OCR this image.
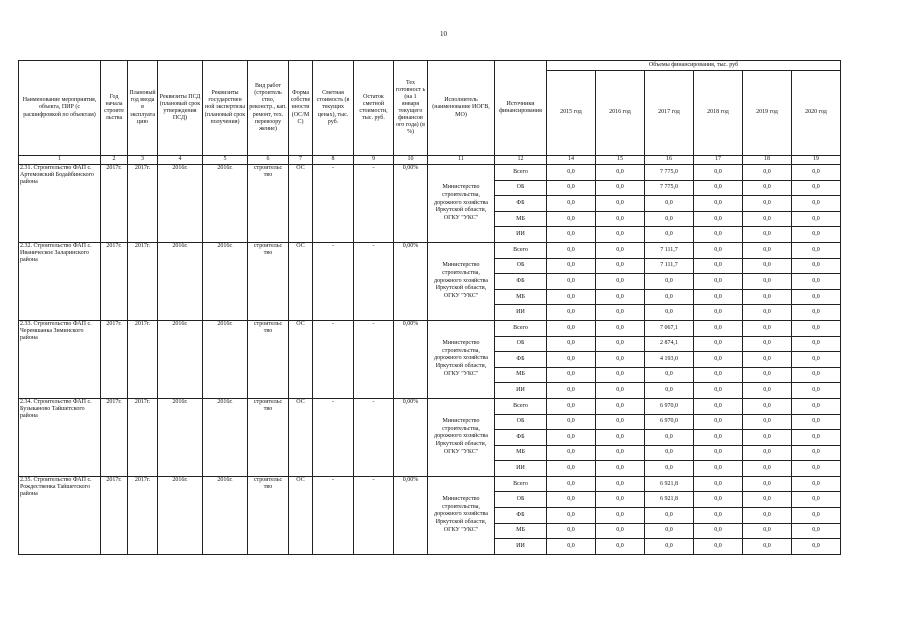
10
Наименование мероприятия, объекта, ПИР (с расшифровкой по объектам)	Год начала строите льства	Плановый год ввода в эксплуата цию	Реквизиты ПСД (плановый срок утверждения ПСД)	Реквизиты государствен ной экспертизы (плановый срок получения)	Вид работ (строитель ство, реконстр., кап. ремонт, тех. перевоору жение)	Форма собстве нности (ОС/М С)	Сметная стоимость (в текущих ценах), тыс. руб.	Остаток сметной стоимости, тыс. руб.	Тех готовност ь (на 1 января текущего финансов ого года) (в %)	Исполнитель (наименование ИОГВ, МО)	Источники финансирования	Объемы финансирования, тыс. руб					
												2015 год	2016 год	2017 год	2018 год	2019 год	2020 год
1	2	3	4	5	6	7	8	9	10	11	12	14	15	16	17	18	19
2.31. Строительство ФАП с. Артемовский Бодайбинского района	2017г.	2017г.	2016г.	2016г.	строительс тво	ОС	-	-	0,00%	Министерство строительства, дорожного хозяйства Иркутской области, ОГКУ "УКС"	Всего	0,0	0,0	7 775,0	0,0	0,0	0,0
											ОБ	0,0	0,0	7 775,0	0,0	0,0	0,0
											ФБ	0,0	0,0	0,0	0,0	0,0	0,0
											МБ	0,0	0,0	0,0	0,0	0,0	0,0
											ИИ	0,0	0,0	0,0	0,0	0,0	0,0
2.32. Строительство ФАП с. Иваническое Заларинского района	2017г.	2017г.	2016г.	2016г.	строительс тво	ОС	-	-	0,00%	Министерство строительства, дорожного хозяйства Иркутской области, ОГКУ "УКС"	Всего	0,0	0,0	7 111,7	0,0	0,0	0,0
											ОБ	0,0	0,0	7 111,7	0,0	0,0	0,0
											ФБ	0,0	0,0	0,0	0,0	0,0	0,0
											МБ	0,0	0,0	0,0	0,0	0,0	0,0
											ИИ	0,0	0,0	0,0	0,0	0,0	0,0
2.33. Строительство ФАП с. Черемшанка Зиминского района	2017г.	2017г.	2016г.	2016г.	строительс тво	ОС	-	-	0,00%	Министерство строительства, дорожного хозяйства Иркутской области, ОГКУ "УКС"	Всего	0,0	0,0	7 067,1	0,0	0,0	0,0
											ОБ	0,0	0,0	2 874,1	0,0	0,0	0,0
											ФБ	0,0	0,0	4 193,0	0,0	0,0	0,0
											МБ	0,0	0,0	0,0	0,0	0,0	0,0
											ИИ	0,0	0,0	0,0	0,0	0,0	0,0
2.34. Строительство ФАП с. Бузыканово Тайшетского района	2017г.	2017г.	2016г.	2016г.	строительс тво	ОС	-	-	0,00%	Министерство строительства, дорожного хозяйства Иркутской области, ОГКУ "УКС"	Всего	0,0	0,0	6 970,0	0,0	0,0	0,0
											ОБ	0,0	0,0	6 970,0	0,0	0,0	0,0
											ФБ	0,0	0,0	0,0	0,0	0,0	0,0
											МБ	0,0	0,0	0,0	0,0	0,0	0,0
											ИИ	0,0	0,0	0,0	0,0	0,0	0,0
2.35. Строительство ФАП с. Рождественка Тайшетского района	2017г.	2017г.	2016г.	2016г.	строительс тво	ОС	-	-	0,00%	Министерство строительства, дорожного хозяйства Иркутской области, ОГКУ "УКС"	Всего	0,0	0,0	6 921,8	0,0	0,0	0,0
											ОБ	0,0	0,0	6 921,8	0,0	0,0	0,0
											ФБ	0,0	0,0	0,0	0,0	0,0	0,0
											МБ	0,0	0,0	0,0	0,0	0,0	0,0
											ИИ	0,0	0,0	0,0	0,0	0,0	0,0
